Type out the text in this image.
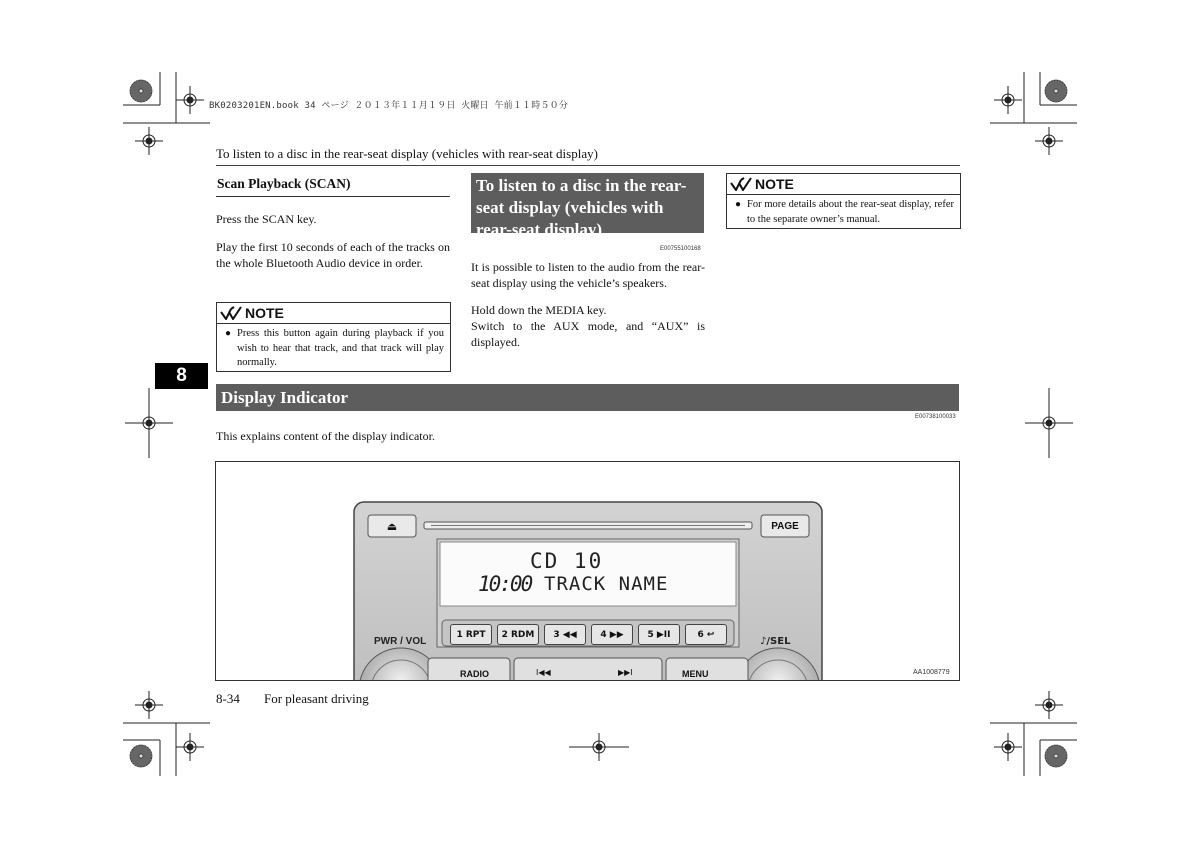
BK0203201EN.book 34 ページ ２０１３年１１月１９日 火曜日 午前１１時５０分
To listen to a disc in the rear-seat display (vehicles with rear-seat display)
8
Scan Playback (SCAN)
Press the SCAN key.
Play the first 10 seconds of each of the tracks on the whole Bluetooth Audio device in order.
NOTE
● Press this button again during playback if you wish to hear that track, and that track will play normally.
To listen to a disc in the rear-seat display (vehicles with rear-seat display)
E00755100168
It is possible to listen to the audio from the rear-seat display using the vehicle’s speakers.
Hold down the MEDIA key.
Switch to the AUX mode, and “AUX” is displayed.
NOTE
● For more details about the rear-seat display, refer to the separate owner’s manual.
Display Indicator
E00738100033
This explains content of the display indicator.
⏏	PAGE
CD 10
10:00 TRACK NAME
PWR / VOL	♪/SEL
1 RPT	2 RDM	3 ◀◀	4 ▶▶	5 ▶II	6 ↩
RADIO	I◀◀	▶▶I	MENU	AA1008779
8-34 For pleasant driving
